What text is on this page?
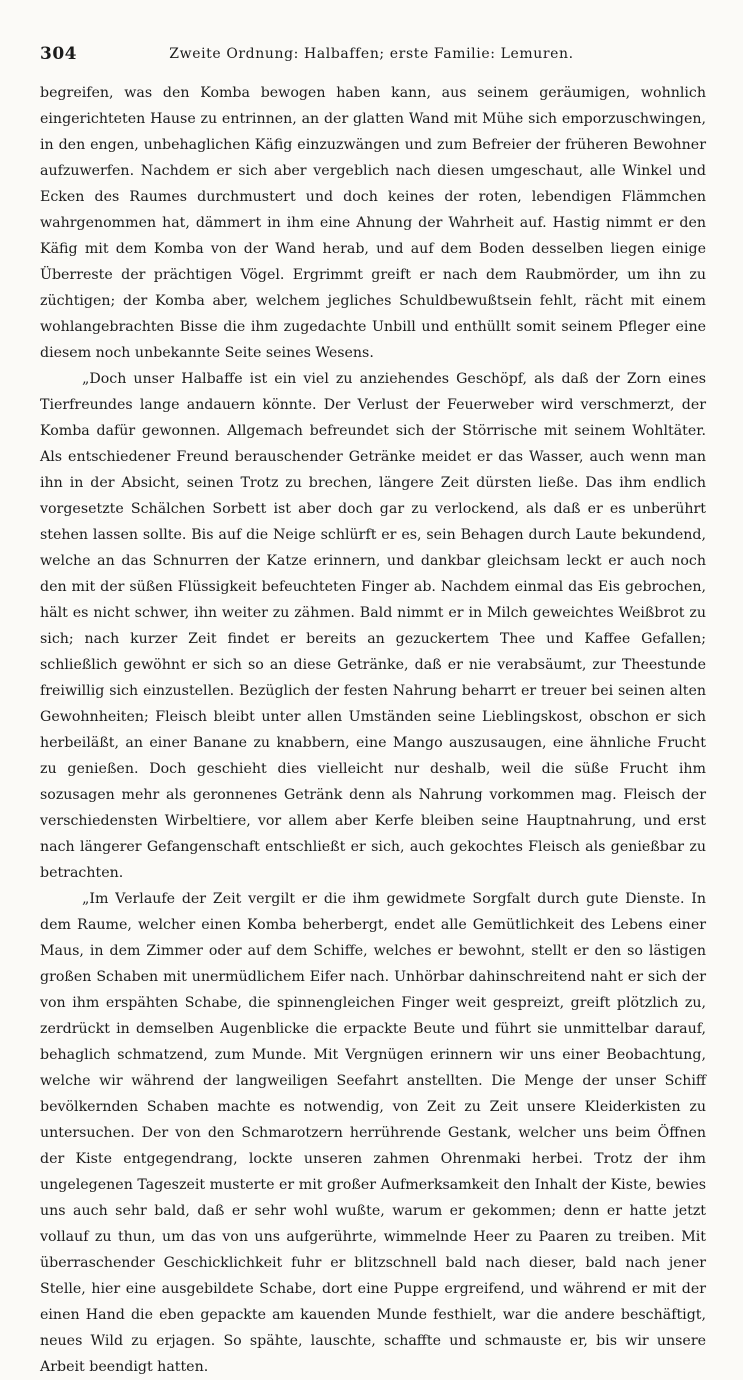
304	Zweite Ordnung: Halbaffen; erste Familie: Lemuren.

begreifen, was den Komba bewogen haben kann, aus seinem geräumigen, wohnlich eingerichteten Hause zu entrinnen, an der glatten Wand mit Mühe sich emporzuschwingen, in den engen, unbehaglichen Käfig einzuzwängen und zum Befreier der früheren Bewohner aufzuwerfen. Nachdem er sich aber vergeblich nach diesen umgeschaut, alle Winkel und Ecken des Raumes durchmustert und doch keines der roten, lebendigen Flämmchen wahrgenommen hat, dämmert in ihm eine Ahnung der Wahrheit auf. Hastig nimmt er den Käfig mit dem Komba von der Wand herab, und auf dem Boden desselben liegen einige Überreste der prächtigen Vögel. Ergrimmt greift er nach dem Raubmörder, um ihn zu züchtigen; der Komba aber, welchem jegliches Schuldbewußtsein fehlt, rächt mit einem wohlangebrachten Bisse die ihm zugedachte Unbill und enthüllt somit seinem Pfleger eine diesem noch unbekannte Seite seines Wesens.

„Doch unser Halbaffe ist ein viel zu anziehendes Geschöpf, als daß der Zorn eines Tierfreundes lange andauern könnte. Der Verlust der Feuerweber wird verschmerzt, der Komba dafür gewonnen. Allgemach befreundet sich der Störrische mit seinem Wohltäter. Als entschiedener Freund berauschender Getränke meidet er das Wasser, auch wenn man ihn in der Absicht, seinen Trotz zu brechen, längere Zeit dürsten ließe. Das ihm endlich vorgesetzte Schälchen Sorbett ist aber doch gar zu verlockend, als daß er es unberührt stehen lassen sollte. Bis auf die Neige schlürft er es, sein Behagen durch Laute bekundend, welche an das Schnurren der Katze erinnern, und dankbar gleichsam leckt er auch noch den mit der süßen Flüssigkeit befeuchteten Finger ab. Nachdem einmal das Eis gebrochen, hält es nicht schwer, ihn weiter zu zähmen. Bald nimmt er in Milch geweichtes Weißbrot zu sich; nach kurzer Zeit findet er bereits an gezuckertem Thee und Kaffee Gefallen; schließlich gewöhnt er sich so an diese Getränke, daß er nie verabsäumt, zur Theestunde freiwillig sich einzustellen. Bezüglich der festen Nahrung beharrt er treuer bei seinen alten Gewohnheiten; Fleisch bleibt unter allen Umständen seine Lieblingskost, obschon er sich herbeiläßt, an einer Banane zu knabbern, eine Mango auszusaugen, eine ähnliche Frucht zu genießen. Doch geschieht dies vielleicht nur deshalb, weil die süße Frucht ihm sozusagen mehr als geronnenes Getränk denn als Nahrung vorkommen mag. Fleisch der verschiedensten Wirbeltiere, vor allem aber Kerfe bleiben seine Hauptnahrung, und erst nach längerer Gefangenschaft entschließt er sich, auch gekochtes Fleisch als genießbar zu betrachten.

„Im Verlaufe der Zeit vergilt er die ihm gewidmete Sorgfalt durch gute Dienste. In dem Raume, welcher einen Komba beherbergt, endet alle Gemütlichkeit des Lebens einer Maus, in dem Zimmer oder auf dem Schiffe, welches er bewohnt, stellt er den so lästigen großen Schaben mit unermüdlichem Eifer nach. Unhörbar dahinschreitend naht er sich der von ihm erspähten Schabe, die spinnengleichen Finger weit gespreizt, greift plötzlich zu, zerdrückt in demselben Augenblicke die erpackte Beute und führt sie unmittelbar darauf, behaglich schmatzend, zum Munde. Mit Vergnügen erinnern wir uns einer Beobachtung, welche wir während der langweiligen Seefahrt anstellten. Die Menge der unser Schiff bevölkernden Schaben machte es notwendig, von Zeit zu Zeit unsere Kleiderkisten zu untersuchen. Der von den Schmarotzern herrührende Gestank, welcher uns beim Öffnen der Kiste entgegendrang, lockte unseren zahmen Ohrenmaki herbei. Trotz der ihm ungelegenen Tageszeit musterte er mit großer Aufmerksamkeit den Inhalt der Kiste, bewies uns auch sehr bald, daß er sehr wohl wußte, warum er gekommen; denn er hatte jetzt vollauf zu thun, um das von uns aufgerührte, wimmelnde Heer zu Paaren zu treiben. Mit überraschender Geschicklichkeit fuhr er blitzschnell bald nach dieser, bald nach jener Stelle, hier eine ausgebildete Schabe, dort eine Puppe ergreifend, und während er mit der einen Hand die eben gepackte am kauenden Munde festhielt, war die andere beschäftigt, neues Wild zu erjagen. So spähte, lauschte, schaffte und schmauste er, bis wir unsere Arbeit beendigt hatten.
